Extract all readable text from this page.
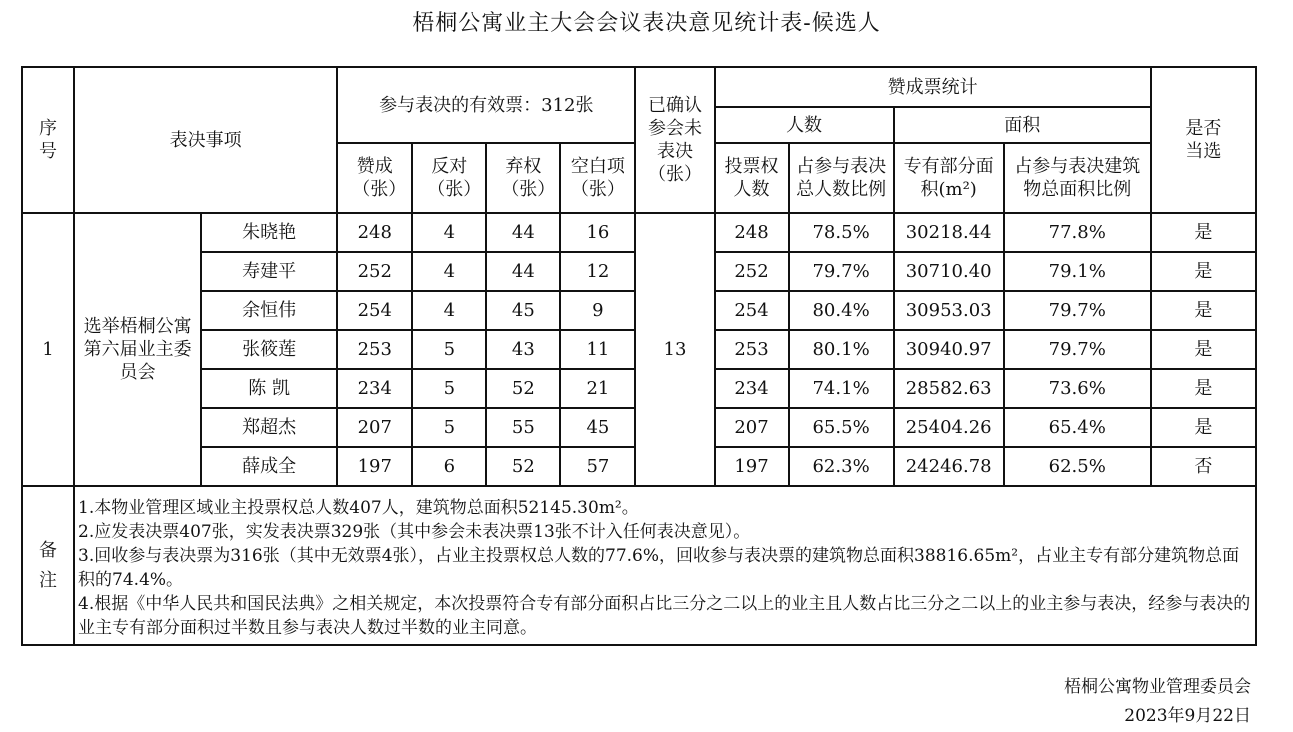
梧桐公寓业主大会会议表决意见统计表-候选人
序号	表决事项		参与表决的有效票：312张				已确认参会未表决（张）	赞成票统计				是否当选
								人数		面积		
			赞成（张）	反对（张）	弃权（张）	空白项（张）		投票权人数	占参与表决总人数比例	专有部分面积(m²)	占参与表决建筑物总面积比例	
1	选举梧桐公寓第六届业主委员会	朱晓艳	248	4	44	16	13	248	78.5%	30218.44	77.8%	是
		寿建平	252	4	44	12		252	79.7%	30710.40	79.1%	是
		余恒伟	254	4	45	9		254	80.4%	30953.03	79.7%	是
		张筱莲	253	5	43	11		253	80.1%	30940.97	79.7%	是
		陈 凯	234	5	52	21		234	74.1%	28582.63	73.6%	是
		郑超杰	207	5	55	45		207	65.5%	25404.26	65.4%	是
		薛成全	197	6	52	57		197	62.3%	24246.78	62.5%	否
备注	1.本物业管理区域业主投票权总人数407人，建筑物总面积52145.30m²。
2.应发表决票407张，实发表决票329张（其中参会未表决票13张不计入任何表决意见）。
3.回收参与表决票为316张（其中无效票4张），占业主投票权总人数的77.6%，回收参与表决票的建筑物总面积38816.65m²，占业主专有部分建筑物总面积的74.4%。
4.根据《中华人民共和国民法典》之相关规定，本次投票符合专有部分面积占比三分之二以上的业主且人数占比三分之二以上的业主参与表决，经参与表决的业主专有部分面积过半数且参与表决人数过半数的业主同意。											
梧桐公寓物业管理委员会
2023年9月22日
